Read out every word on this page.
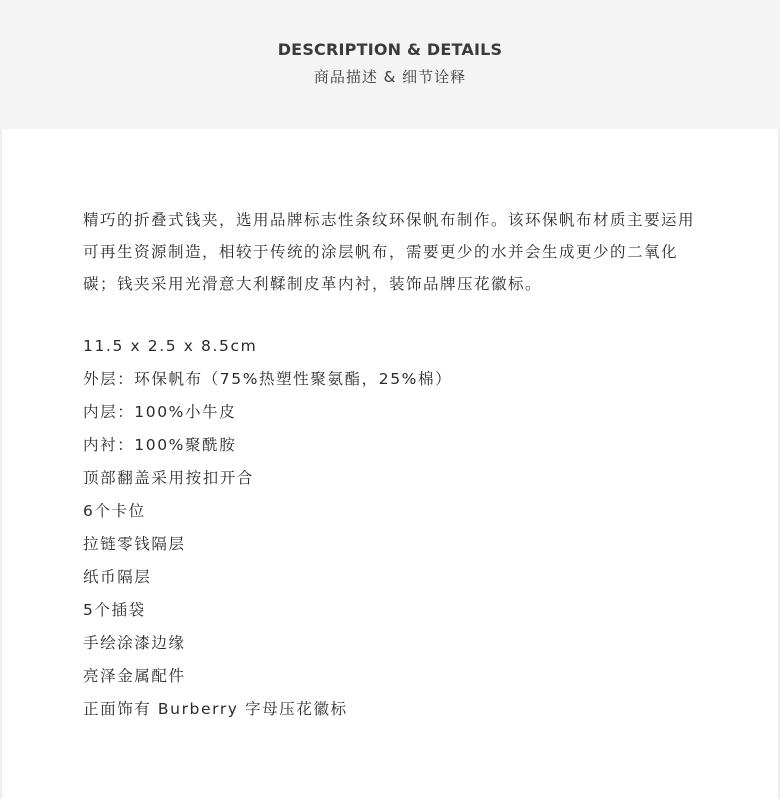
DESCRIPTION & DETAILS
商品描述 & 细节诠释

精巧的折叠式钱夹，选用品牌标志性条纹环保帆布制作。该环保帆布材质主要运用可再生资源制造，相较于传统的涂层帆布，需要更少的水并会生成更少的二氧化碳；钱夹采用光滑意大利鞣制皮革内衬，装饰品牌压花徽标。

11.5 x 2.5 x 8.5cm
外层：环保帆布（75%热塑性聚氨酯，25%棉）
内层：100%小牛皮
内衬：100%聚酰胺
顶部翻盖采用按扣开合
6个卡位
拉链零钱隔层
纸币隔层
5个插袋
手绘涂漆边缘
亮泽金属配件
正面饰有 Burberry 字母压花徽标
